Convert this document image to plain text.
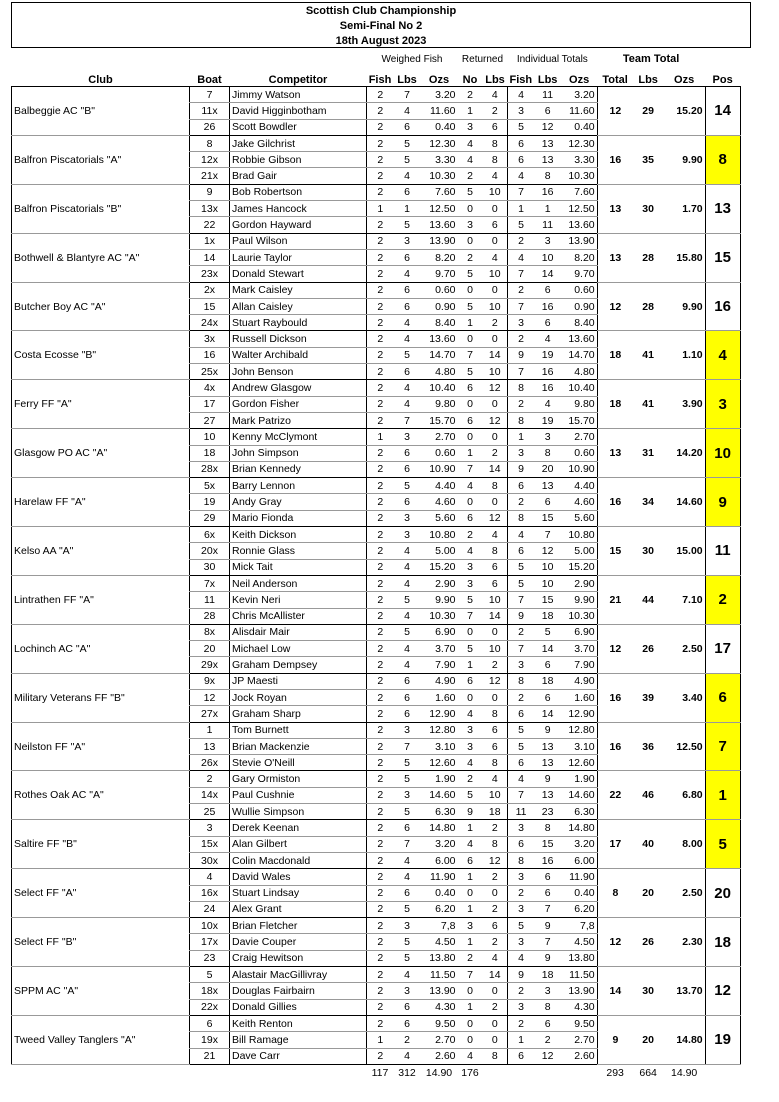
Scottish Club Championship
Semi-Final No 2
18th August 2023
			Weighed Fish			Returned		Individual Totals			Team Total			
Club	Boat	Competitor	Fish	Lbs	Ozs	No	Lbs	Fish	Lbs	Ozs	Total	Lbs	Ozs	Pos
Balbeggie AC "B"	7	Jimmy Watson	2	7	3.20	2	4	4	11	3.20	12	29	15.20	14
	11x	David Higginbotham	2	4	11.60	1	2	3	6	11.60				
	26	Scott Bowdler	2	6	0.40	3	6	5	12	0.40				
Balfron Piscatorials "A"	8	Jake Gilchrist	2	5	12.30	4	8	6	13	12.30	16	35	9.90	8
	12x	Robbie Gibson	2	5	3.30	4	8	6	13	3.30				
	21x	Brad Gair	2	4	10.30	2	4	4	8	10.30				
Balfron Piscatorials "B"	9	Bob Robertson	2	6	7.60	5	10	7	16	7.60	13	30	1.70	13
	13x	James Hancock	1	1	12.50	0	0	1	1	12.50				
	22	Gordon Hayward	2	5	13.60	3	6	5	11	13.60				
Bothwell & Blantyre AC "A"	1x	Paul Wilson	2	3	13.90	0	0	2	3	13.90	13	28	15.80	15
	14	Laurie Taylor	2	6	8.20	2	4	4	10	8.20				
	23x	Donald Stewart	2	4	9.70	5	10	7	14	9.70				
Butcher Boy AC "A"	2x	Mark Caisley	2	6	0.60	0	0	2	6	0.60	12	28	9.90	16
	15	Allan Caisley	2	6	0.90	5	10	7	16	0.90				
	24x	Stuart Raybould	2	4	8.40	1	2	3	6	8.40				
Costa Ecosse "B"	3x	Russell Dickson	2	4	13.60	0	0	2	4	13.60	18	41	1.10	4
	16	Walter Archibald	2	5	14.70	7	14	9	19	14.70				
	25x	John Benson	2	6	4.80	5	10	7	16	4.80				
Ferry FF "A"	4x	Andrew Glasgow	2	4	10.40	6	12	8	16	10.40	18	41	3.90	3
	17	Gordon Fisher	2	4	9.80	0	0	2	4	9.80				
	27	Mark Patrizo	2	7	15.70	6	12	8	19	15.70				
Glasgow PO AC "A"	10	Kenny McClymont	1	3	2.70	0	0	1	3	2.70	13	31	14.20	10
	18	John Simpson	2	6	0.60	1	2	3	8	0.60				
	28x	Brian Kennedy	2	6	10.90	7	14	9	20	10.90				
Harelaw FF "A"	5x	Barry Lennon	2	5	4.40	4	8	6	13	4.40	16	34	14.60	9
	19	Andy Gray	2	6	4.60	0	0	2	6	4.60				
	29	Mario Fionda	2	3	5.60	6	12	8	15	5.60				
Kelso AA "A"	6x	Keith Dickson	2	3	10.80	2	4	4	7	10.80	15	30	15.00	11
	20x	Ronnie Glass	2	4	5.00	4	8	6	12	5.00				
	30	Mick Tait	2	4	15.20	3	6	5	10	15.20				
Lintrathen FF "A"	7x	Neil Anderson	2	4	2.90	3	6	5	10	2.90	21	44	7.10	2
	11	Kevin Neri	2	5	9.90	5	10	7	15	9.90				
	28	Chris McAllister	2	4	10.30	7	14	9	18	10.30				
Lochinch AC "A"	8x	Alisdair Mair	2	5	6.90	0	0	2	5	6.90	12	26	2.50	17
	20	Michael Low	2	4	3.70	5	10	7	14	3.70				
	29x	Graham Dempsey	2	4	7.90	1	2	3	6	7.90				
Military Veterans FF "B"	9x	JP Maesti	2	6	4.90	6	12	8	18	4.90	16	39	3.40	6
	12	Jock Royan	2	6	1.60	0	0	2	6	1.60				
	27x	Graham Sharp	2	6	12.90	4	8	6	14	12.90				
Neilston FF "A"	1	Tom Burnett	2	3	12.80	3	6	5	9	12.80	16	36	12.50	7
	13	Brian Mackenzie	2	7	3.10	3	6	5	13	3.10				
	26x	Stevie O'Neill	2	5	12.60	4	8	6	13	12.60				
Rothes Oak AC "A"	2	Gary Ormiston	2	5	1.90	2	4	4	9	1.90	22	46	6.80	1
	14x	Paul Cushnie	2	3	14.60	5	10	7	13	14.60				
	25	Wullie Simpson	2	5	6.30	9	18	11	23	6.30				
Saltire FF "B"	3	Derek Keenan	2	6	14.80	1	2	3	8	14.80	17	40	8.00	5
	15x	Alan Gilbert	2	7	3.20	4	8	6	15	3.20				
	30x	Colin Macdonald	2	4	6.00	6	12	8	16	6.00				
Select FF "A"	4	David Wales	2	4	11.90	1	2	3	6	11.90	8	20	2.50	20
	16x	Stuart Lindsay	2	6	0.40	0	0	2	6	0.40				
	24	Alex Grant	2	5	6.20	1	2	3	7	6.20				
Select FF "B"	10x	Brian Fletcher	2	3	7,8	3	6	5	9	7,8	12	26	2.30	18
	17x	Davie Couper	2	5	4.50	1	2	3	7	4.50				
	23	Craig Hewitson	2	5	13.80	2	4	4	9	13.80				
SPPM AC "A"	5	Alastair MacGillivray	2	4	11.50	7	14	9	18	11.50	14	30	13.70	12
	18x	Douglas Fairbairn	2	3	13.90	0	0	2	3	13.90				
	22x	Donald Gillies	2	6	4.30	1	2	3	8	4.30				
Tweed Valley Tanglers "A"	6	Keith Renton	2	6	9.50	0	0	2	6	9.50	9	20	14.80	19
	19x	Bill Ramage	1	2	2.70	0	0	1	2	2.70				
	21	Dave Carr	2	4	2.60	4	8	6	12	2.60				
			117	312	14.90	176					293	664	14.90	
